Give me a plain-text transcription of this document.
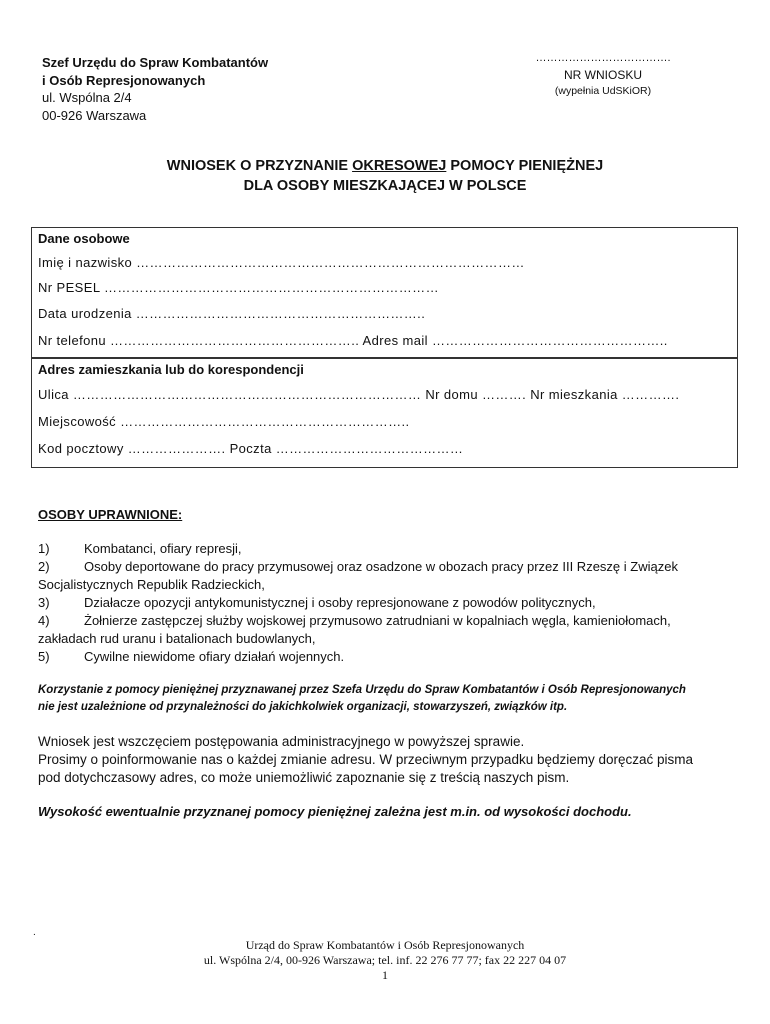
Szef Urzędu do Spraw Kombatantów
i Osób Represjonowanych
ul. Wspólna 2/4
00-926 Warszawa
……………………………….
NR WNIOSKU
(wypełnia UdSKiOR)
WNIOSEK O PRZYZNANIE OKRESOWEJ POMOCY PIENIĘŻNEJ
DLA OSOBY MIESZKAJĄCEJ W POLSCE
Dane osobowe
Imię i nazwisko ……………………………………………………………………………
Nr PESEL …………………………………………………………………
Data urodzenia ………………………………………………………..
Nr telefonu ……………………………………………….. Adres mail ……………………………………………..
Adres zamieszkania lub do korespondencji
Ulica …………………………………………………………………… Nr domu ………. Nr mieszkania ………….
Miejscowość ………………………………………………………..
Kod pocztowy …………………. Poczta ……………………………………
OSOBY UPRAWNIONE:
1)	Kombatanci, ofiary represji,
2)	Osoby deportowane do pracy przymusowej oraz osadzone w obozach pracy przez III Rzeszę i Związek
Socjalistycznych Republik Radzieckich,
3)	Działacze opozycji antykomunistycznej i osoby represjonowane z powodów politycznych,
4)	Żołnierze zastępczej służby wojskowej przymusowo zatrudniani w kopalniach węgla, kamieniołomach,
zakładach rud uranu i batalionach budowlanych,
5)	Cywilne niewidome ofiary działań wojennych.
Korzystanie z pomocy pieniężnej przyznawanej przez Szefa Urzędu do Spraw Kombatantów i Osób Represjonowanych
nie jest uzależnione od przynależności do jakichkolwiek organizacji, stowarzyszeń, związków itp.
Wniosek jest wszczęciem postępowania administracyjnego w powyższej sprawie.
Prosimy o poinformowanie nas o każdej zmianie adresu. W przeciwnym przypadku będziemy doręczać pisma
pod dotychczasowy adres, co może uniemożliwić zapoznanie się z treścią naszych pism.
Wysokość ewentualnie przyznanej pomocy pieniężnej zależna jest m.in. od wysokości dochodu.
.
Urząd do Spraw Kombatantów i Osób Represjonowanych
ul. Wspólna 2/4, 00-926 Warszawa; tel. inf. 22 276 77 77; fax 22 227 04 07
1
